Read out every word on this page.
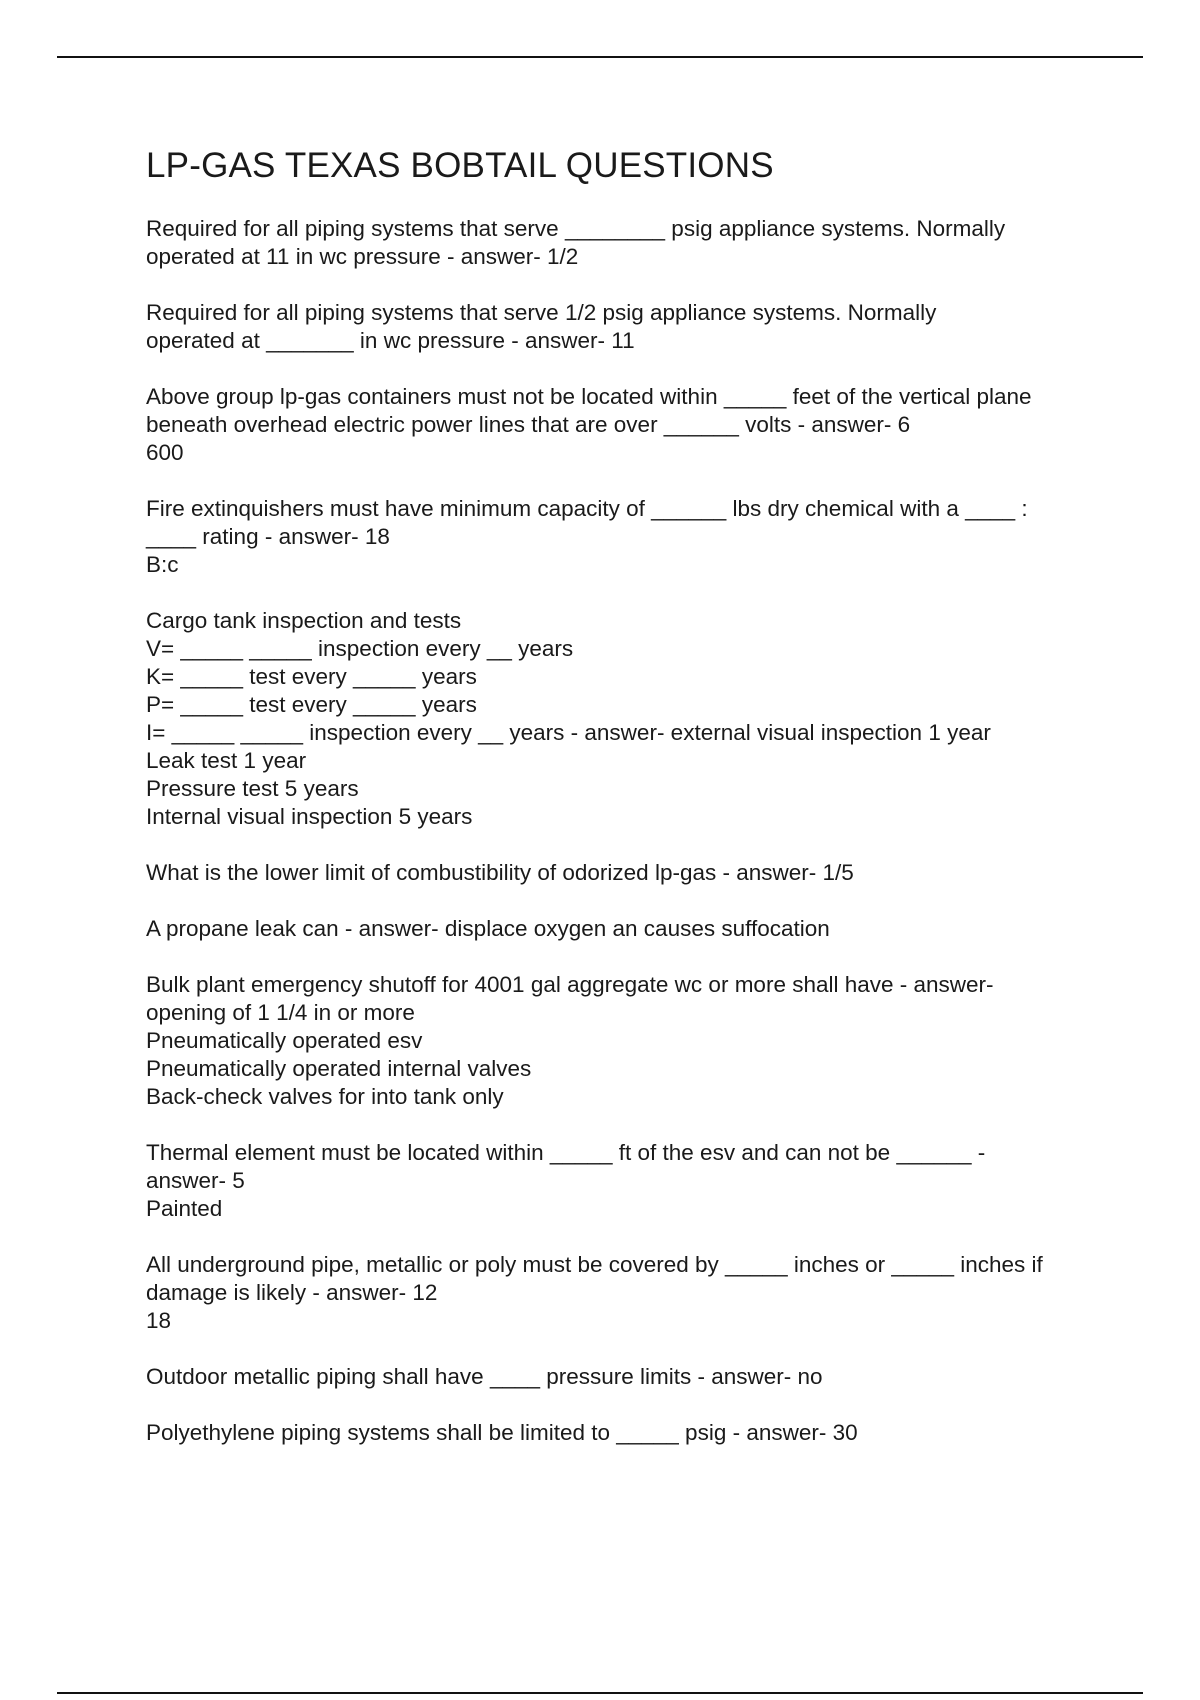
LP-GAS TEXAS BOBTAIL QUESTIONS
Required for all piping systems that serve ________ psig appliance systems. Normally
operated at 11 in wc pressure - answer- 1/2
Required for all piping systems that serve 1/2 psig appliance systems. Normally
operated at _______ in wc pressure - answer- 11
Above group lp-gas containers must not be located within _____ feet of the vertical plane
beneath overhead electric power lines that are over ______ volts - answer- 6
600
Fire extinquishers must have minimum capacity of ______ lbs dry chemical with a ____ :
____ rating - answer- 18
B:c
Cargo tank inspection and tests
V= _____ _____ inspection every __ years
K= _____ test every _____ years
P= _____ test every _____ years
I= _____ _____ inspection every __ years - answer- external visual inspection 1 year
Leak test 1 year
Pressure test 5 years
Internal visual inspection 5 years
What is the lower limit of combustibility of odorized lp-gas - answer- 1/5
A propane leak can - answer- displace oxygen an causes suffocation
Bulk plant emergency shutoff for 4001 gal aggregate wc or more shall have - answer-
opening of 1 1/4 in or more
Pneumatically operated esv
Pneumatically operated internal valves
Back-check valves for into tank only
Thermal element must be located within _____ ft of the esv and can not be ______ -
answer- 5
Painted
All underground pipe, metallic or poly must be covered by _____ inches or _____ inches if
damage is likely - answer- 12
18
Outdoor metallic piping shall have ____ pressure limits - answer- no
Polyethylene piping systems shall be limited to _____ psig - answer- 30
